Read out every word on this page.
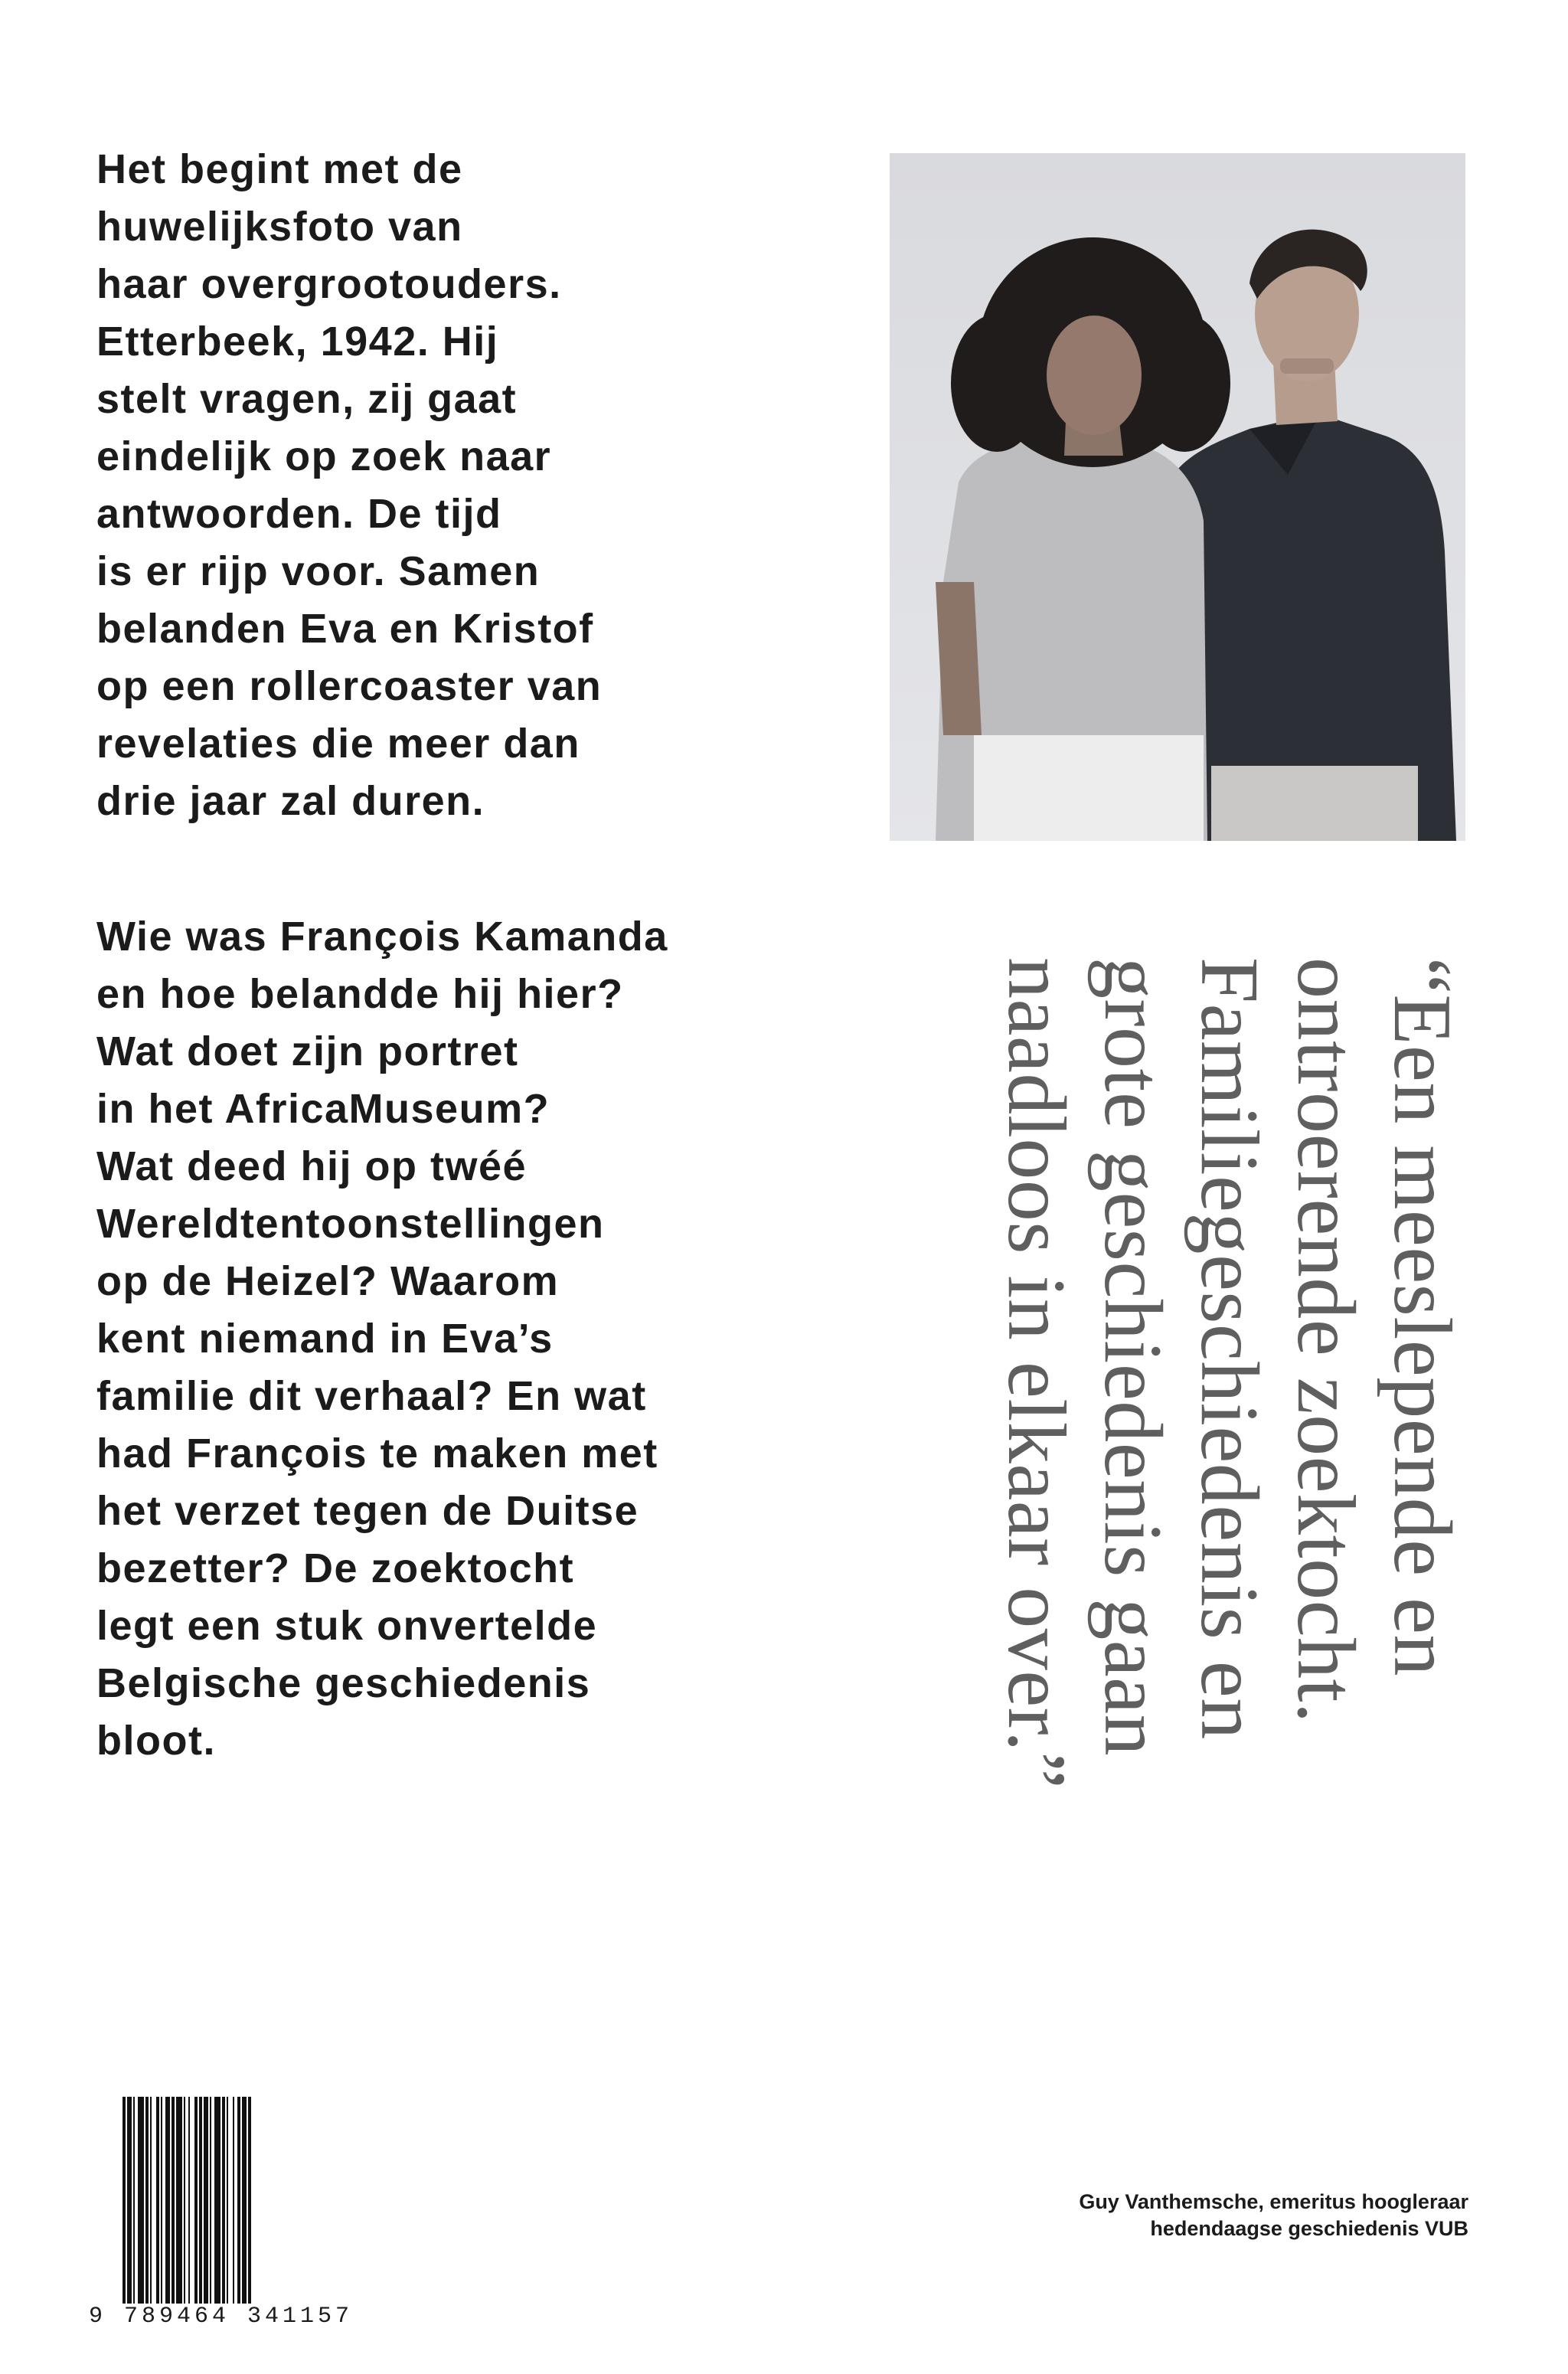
Het begint met de
huwelijksfoto van
haar overgrootouders.
Etterbeek, 1942. Hij
stelt vragen, zij gaat
eindelijk op zoek naar
antwoorden. De tijd
is er rijp voor. Samen
belanden Eva en Kristof
op een rollercoaster van
revelaties die meer dan
drie jaar zal duren.
Wie was François Kamanda
en hoe belandde hij hier?
Wat doet zijn portret
in het AfricaMuseum?
Wat deed hij op twéé
Wereldtentoonstellingen
op de Heizel? Waarom
kent niemand in Eva’s
familie dit verhaal? En wat
had François te maken met
het verzet tegen de Duitse
bezetter? De zoektocht
legt een stuk onvertelde
Belgische geschiedenis
bloot.
“Een meeslepende en
ontroerende zoektocht.
Familiegeschiedenis en
grote geschiedenis gaan
naadloos in elkaar over.”
Guy Vanthemsche, emeritus hoogleraar
hedendaagse geschiedenis VUB
9 789464 341157
